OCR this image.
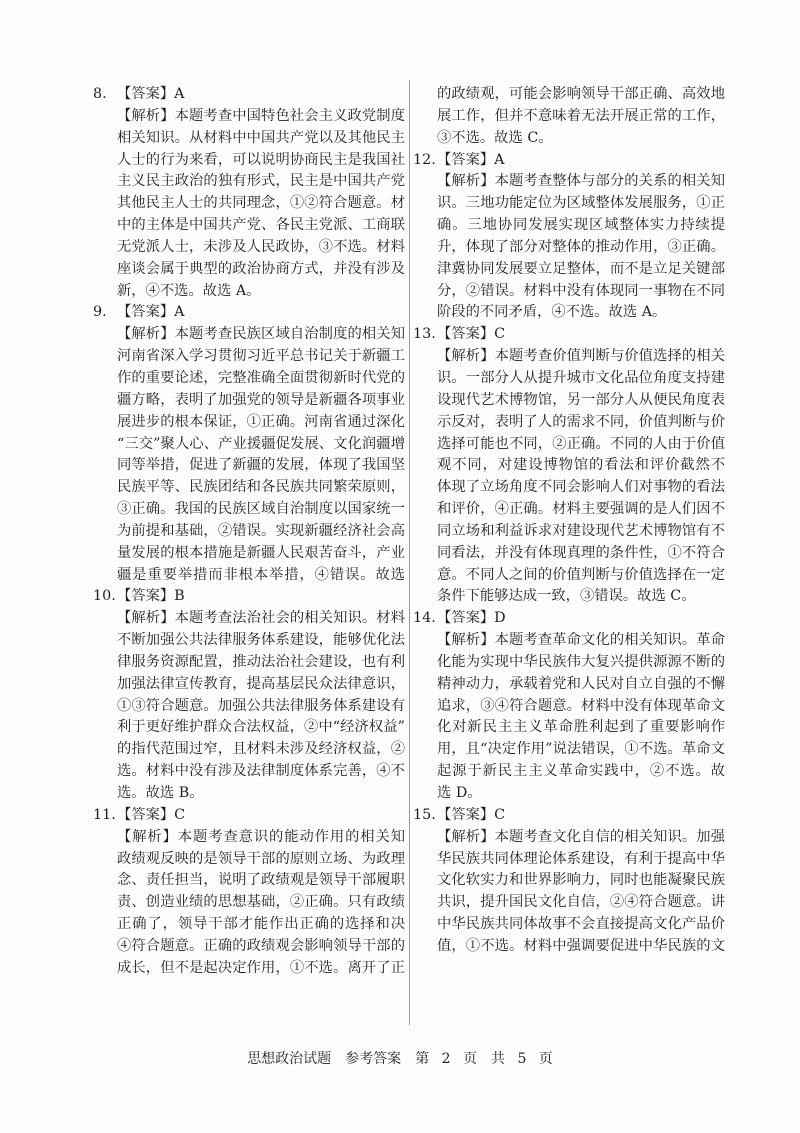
8. 【答案】A
【解析】本题考查中国特色社会主义政党制度
相关知识。从材料中中国共产党以及其他民主
人士的行为来看，可以说明协商民主是我国社
主义民主政治的独有形式，民主是中国共产党
其他民主人士的共同理念，①②符合题意。材
中的主体是中国共产党、各民主党派、工商联
无党派人士，未涉及人民政协，③不选。材料
座谈会属于典型的政治协商方式，并没有涉及
新，④不选。故选 A。
9. 【答案】A
【解析】本题考查民族区域自治制度的相关知
河南省深入学习贯彻习近平总书记关于新疆工
作的重要论述，完整准确全面贯彻新时代党的
疆方略，表明了加强党的领导是新疆各项事业
展进步的根本保证，①正确。河南省通过深化
“三交”聚人心、产业援疆促发展、文化润疆增
同等举措，促进了新疆的发展，体现了我国坚
民族平等、民族团结和各民族共同繁荣原则，
③正确。我国的民族区域自治制度以国家统一
为前提和基础，②错误。实现新疆经济社会高
量发展的根本措施是新疆人民艰苦奋斗，产业
疆是重要举措而非根本举措，④错误。故选
10.【答案】B
【解析】本题考查法治社会的相关知识。材料
不断加强公共法律服务体系建设，能够优化法
律服务资源配置，推动法治社会建设，也有利
加强法律宣传教育，提高基层民众法律意识，
①③符合题意。加强公共法律服务体系建设有
利于更好维护群众合法权益，②中“经济权益”
的指代范围过窄，且材料未涉及经济权益，②
选。材料中没有涉及法律制度体系完善，④不
选。故选 B。
11.【答案】C
【解析】本题考查意识的能动作用的相关知
政绩观反映的是领导干部的原则立场、为政理
念、责任担当，说明了政绩观是领导干部履职
责、创造业绩的思想基础，②正确。只有政绩
正确了，领导干部才能作出正确的选择和决
④符合题意。正确的政绩观会影响领导干部的
成长，但不是起决定作用，①不选。离开了正
的政绩观，可能会影响领导干部正确、高效地
展工作，但并不意味着无法开展正常的工作，
③不选。故选 C。
12.【答案】A
【解析】本题考查整体与部分的关系的相关知
识。三地功能定位为区域整体发展服务，①正
确。三地协同发展实现区域整体实力持续提
升，体现了部分对整体的推动作用，③正确。
津冀协同发展要立足整体，而不是立足关键部
分，②错误。材料中没有体现同一事物在不同
阶段的不同矛盾，④不选。故选 A。
13.【答案】C
【解析】本题考查价值判断与价值选择的相关
识。一部分人从提升城市文化品位角度支持建
设现代艺术博物馆，另一部分人从便民角度表
示反对，表明了人的需求不同，价值判断与价
选择可能也不同，②正确。不同的人由于价值
观不同，对建设博物馆的看法和评价截然不
体现了立场角度不同会影响人们对事物的看法
和评价，④正确。材料主要强调的是人们因不
同立场和利益诉求对建设现代艺术博物馆有不
同看法，并没有体现真理的条件性，①不符合
意。不同人之间的价值判断与价值选择在一定
条件下能够达成一致，③错误。故选 C。
14.【答案】D
【解析】本题考查革命文化的相关知识。革命
化能为实现中华民族伟大复兴提供源源不断的
精神动力，承载着党和人民对自立自强的不懈
追求，③④符合题意。材料中没有体现革命文
化对新民主主义革命胜利起到了重要影响作
用，且“决定作用”说法错误，①不选。革命文
起源于新民主主义革命实践中，②不选。故
选 D。
15.【答案】C
【解析】本题考查文化自信的相关知识。加强
华民族共同体理论体系建设，有利于提高中华
文化软实力和世界影响力，同时也能凝聚民族
共识，提升国民文化自信，②④符合题意。讲
中华民族共同体故事不会直接提高文化产品价
值，①不选。材料中强调要促进中华民族的文
思想政治试题　参考答案　第 2 页　共 5 页
